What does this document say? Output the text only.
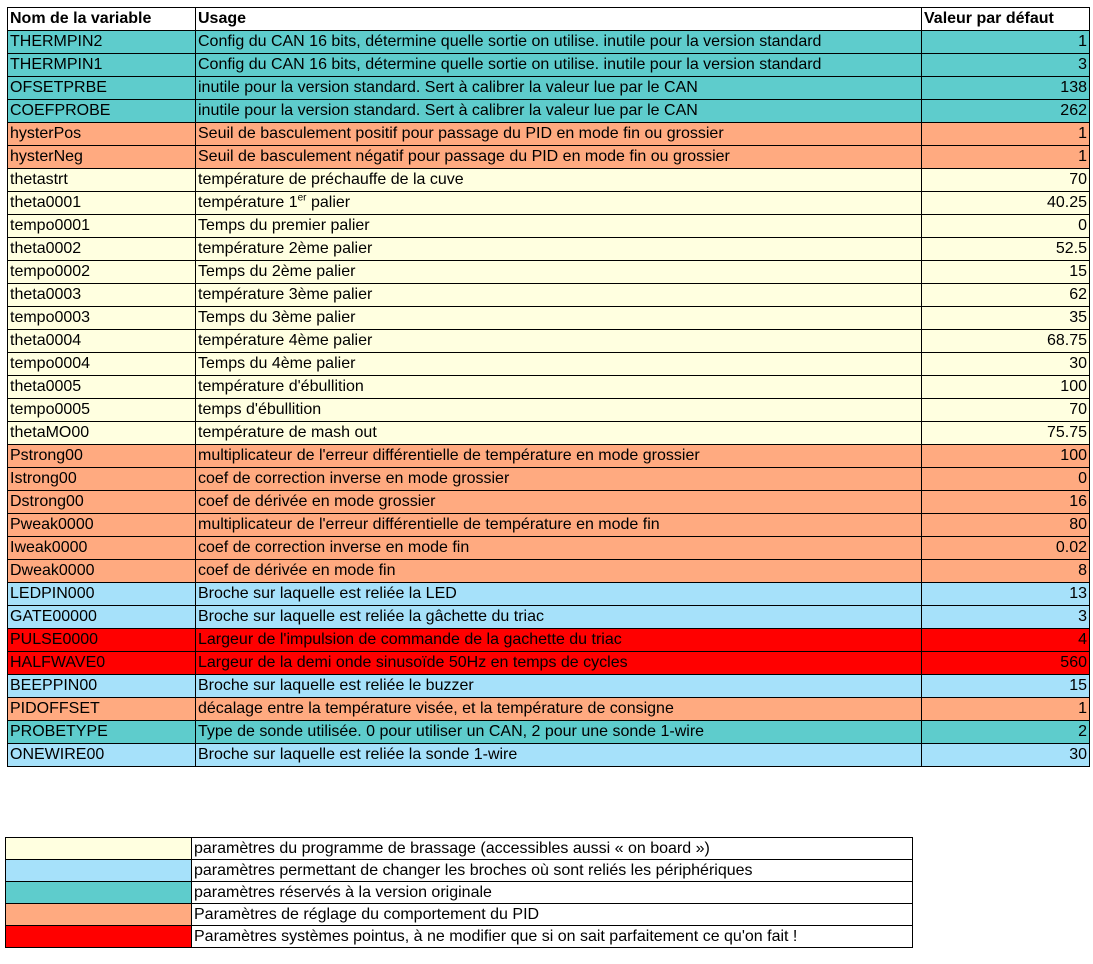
Nom de la variable	Usage	Valeur par défaut
THERMPIN2	Config du CAN 16 bits, détermine quelle sortie on utilise. inutile pour la version standard	1
THERMPIN1	Config du CAN 16 bits, détermine quelle sortie on utilise. inutile pour la version standard	3
OFSETPRBE	inutile pour la version standard. Sert à calibrer la valeur lue par le CAN	138
COEFPROBE	inutile pour la version standard. Sert à calibrer la valeur lue par le CAN	262
hysterPos	Seuil de basculement positif pour passage du PID en mode fin ou grossier	1
hysterNeg	Seuil de basculement négatif pour passage du PID en mode fin ou grossier	1
thetastrt	température de préchauffe de la cuve	70
theta0001	température 1er palier	40.25
tempo0001	Temps du premier palier	0
theta0002	température 2ème palier	52.5
tempo0002	Temps du 2ème palier	15
theta0003	température 3ème palier	62
tempo0003	Temps du 3ème palier	35
theta0004	température 4ème palier	68.75
tempo0004	Temps du 4ème palier	30
theta0005	température d'ébullition	100
tempo0005	temps d'ébullition	70
thetaMO00	température de mash out	75.75
Pstrong00	multiplicateur de l'erreur différentielle de température en mode grossier	100
Istrong00	coef de correction inverse en mode grossier	0
Dstrong00	coef de dérivée en mode grossier	16
Pweak0000	multiplicateur de l'erreur différentielle de température en mode fin	80
Iweak0000	coef de correction inverse en mode fin	0.02
Dweak0000	coef de dérivée en mode fin	8
LEDPIN000	Broche sur laquelle est reliée la LED	13
GATE00000	Broche sur laquelle est reliée la gâchette du triac	3
PULSE0000	Largeur de l'impulsion de commande de la gachette du triac	4
HALFWAVE0	Largeur de la demi onde sinusoïde 50Hz en temps de cycles	560
BEEPPIN00	Broche sur laquelle est reliée le buzzer	15
PIDOFFSET	décalage entre la température visée, et la température de consigne	1
PROBETYPE	Type de sonde utilisée. 0 pour utiliser un CAN, 2 pour une sonde 1-wire	2
ONEWIRE00	Broche sur laquelle est reliée la sonde 1-wire	30
	paramètres du programme de brassage (accessibles aussi « on board »)
	paramètres permettant de changer les broches où sont reliés les périphériques
	paramètres réservés à la version originale
	Paramètres de réglage du comportement du PID
	Paramètres systèmes pointus, à ne modifier que si on sait parfaitement ce qu'on fait !
